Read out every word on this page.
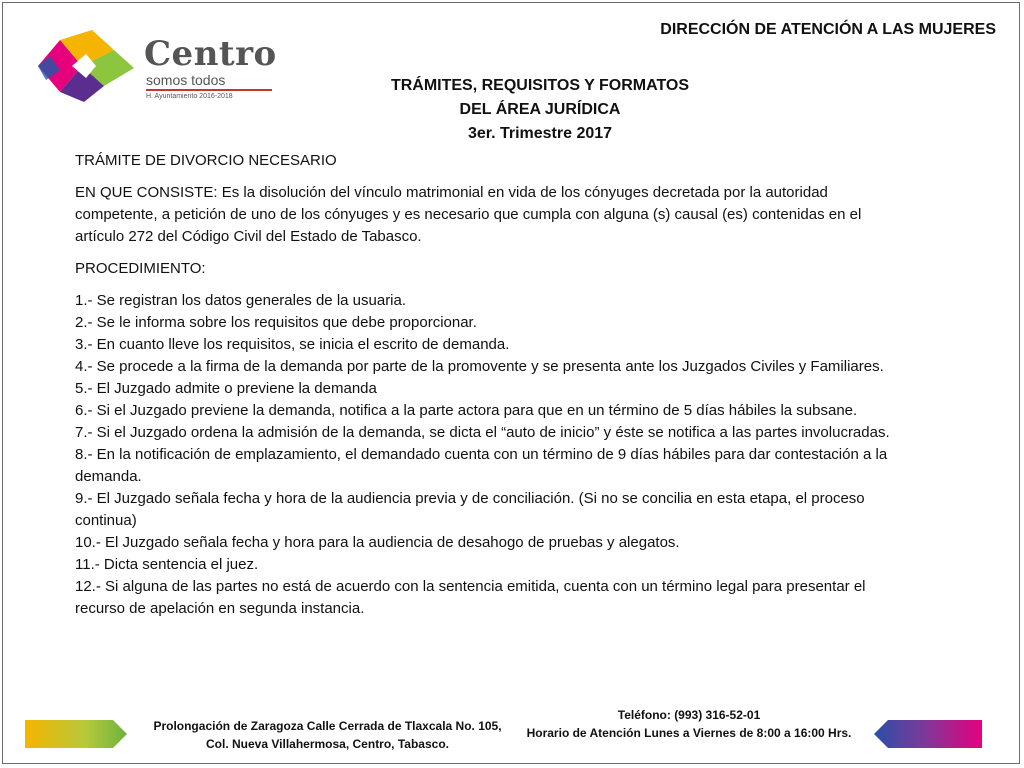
Centro
somos todos
H. Ayuntamiento 2016-2018
DIRECCIÓN DE ATENCIÓN A LAS MUJERES
TRÁMITES, REQUISITOS Y FORMATOS
DEL ÁREA JURÍDICA
3er. Trimestre 2017

TRÁMITE DE DIVORCIO NECESARIO

EN QUE CONSISTE: Es la disolución del vínculo matrimonial en vida de los cónyuges decretada por la autoridad competente, a petición de uno de los cónyuges y es necesario que cumpla con alguna (s) causal (es) contenidas en el artículo 272 del Código Civil del Estado de Tabasco.

PROCEDIMIENTO:

1.- Se registran los datos generales de la usuaria.

2.- Se le informa sobre los requisitos que debe proporcionar.

3.- En cuanto lleve los requisitos, se inicia el escrito de demanda.

4.- Se procede a la firma de la demanda por parte de la promovente y se presenta ante los Juzgados Civiles y Familiares.

5.- El Juzgado admite o previene la demanda

6.- Si el Juzgado previene la demanda, notifica a la parte actora para que en un término de 5 días hábiles la subsane.

7.- Si el Juzgado ordena la admisión de la demanda, se dicta el “auto de inicio” y éste se notifica a las partes involucradas.

8.- En la notificación de emplazamiento, el demandado cuenta con un término de 9 días hábiles para dar contestación a la demanda.

9.- El Juzgado señala fecha y hora de la audiencia previa y de conciliación. (Si no se concilia en esta etapa, el proceso continua)

10.- El Juzgado señala fecha y hora para la audiencia de desahogo de pruebas y alegatos.

11.- Dicta sentencia el juez.

12.- Si alguna de las partes no está de acuerdo con la sentencia emitida, cuenta con un término legal para presentar el recurso de apelación en segunda instancia.

Prolongación de Zaragoza Calle Cerrada de Tlaxcala No. 105,
Col. Nueva Villahermosa, Centro, Tabasco.
Teléfono: (993) 316-52-01
Horario de Atención Lunes a Viernes de 8:00 a 16:00 Hrs.
